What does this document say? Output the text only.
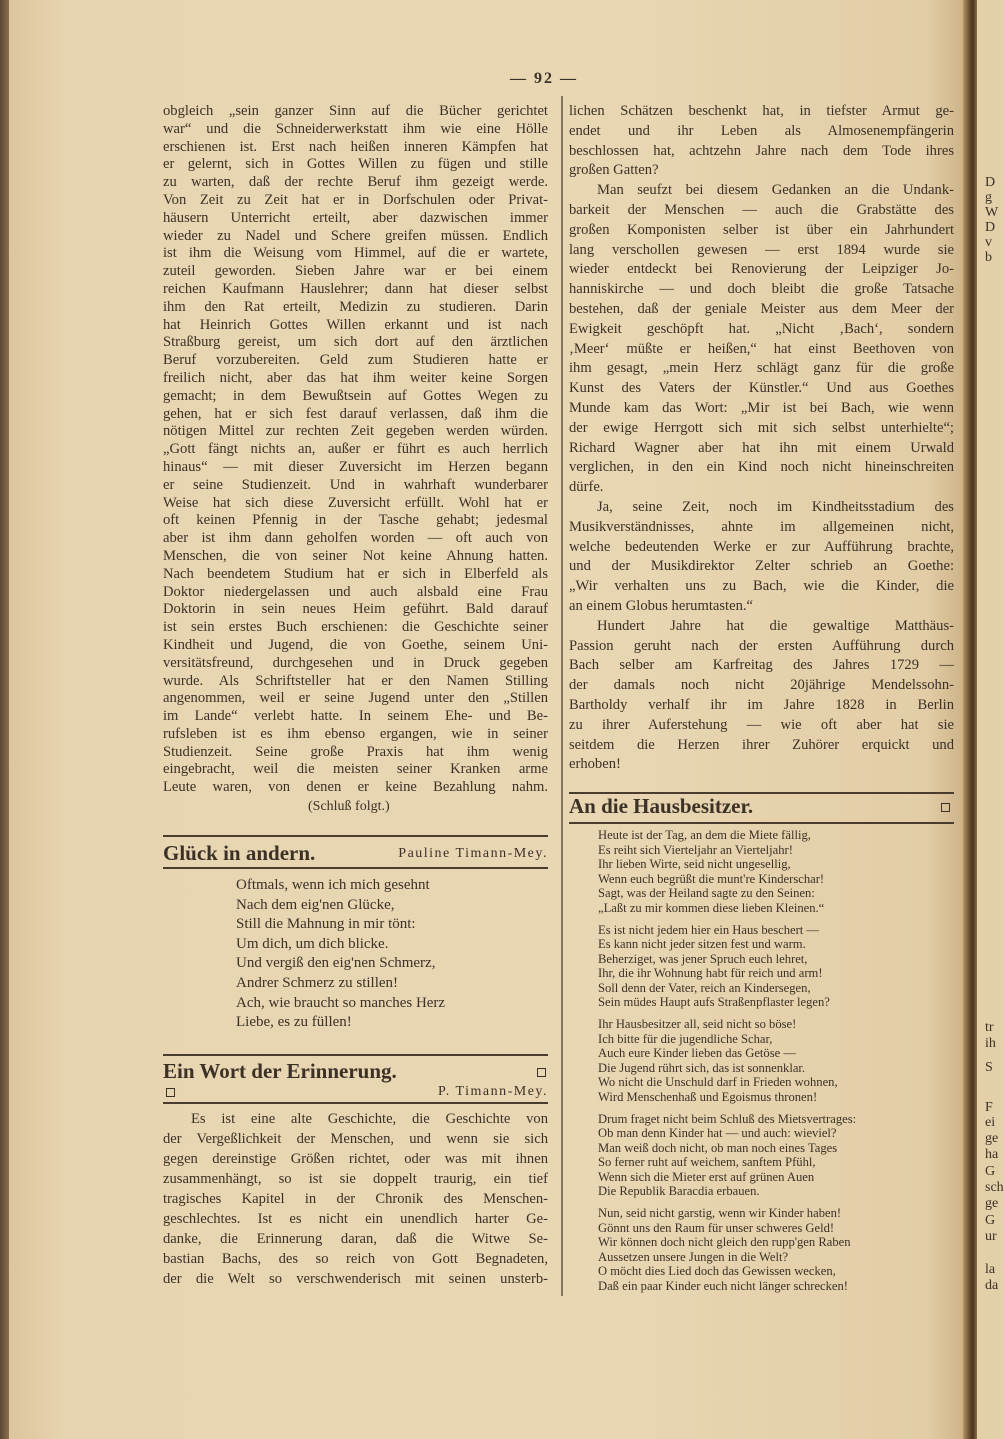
D
g
W
D
v
b
tr
ih
S
F
ei
ge
ha
G
sch
ge
G
ur
la
da
— 92 —
obgleich „sein ganzer Sinn auf die Bücher gerichtet
war“ und die Schneiderwerkstatt ihm wie eine Hölle
erschienen ist. Erst nach heißen inneren Kämpfen hat
er gelernt, sich in Gottes Willen zu fügen und stille
zu warten, daß der rechte Beruf ihm gezeigt werde.
Von Zeit zu Zeit hat er in Dorfschulen oder Privat-
häusern Unterricht erteilt, aber dazwischen immer
wieder zu Nadel und Schere greifen müssen. Endlich
ist ihm die Weisung vom Himmel, auf die er wartete,
zuteil geworden. Sieben Jahre war er bei einem
reichen Kaufmann Hauslehrer; dann hat dieser selbst
ihm den Rat erteilt, Medizin zu studieren. Darin
hat Heinrich Gottes Willen erkannt und ist nach
Straßburg gereist, um sich dort auf den ärztlichen
Beruf vorzubereiten. Geld zum Studieren hatte er
freilich nicht, aber das hat ihm weiter keine Sorgen
gemacht; in dem Bewußtsein auf Gottes Wegen zu
gehen, hat er sich fest darauf verlassen, daß ihm die
nötigen Mittel zur rechten Zeit gegeben werden würden.
„Gott fängt nichts an, außer er führt es auch herrlich
hinaus“ — mit dieser Zuversicht im Herzen begann
er seine Studienzeit. Und in wahrhaft wunderbarer
Weise hat sich diese Zuversicht erfüllt. Wohl hat er
oft keinen Pfennig in der Tasche gehabt; jedesmal
aber ist ihm dann geholfen worden — oft auch von
Menschen, die von seiner Not keine Ahnung hatten.
Nach beendetem Studium hat er sich in Elberfeld als
Doktor niedergelassen und auch alsbald eine Frau
Doktorin in sein neues Heim geführt. Bald darauf
ist sein erstes Buch erschienen: die Geschichte seiner
Kindheit und Jugend, die von Goethe, seinem Uni-
versitätsfreund, durchgesehen und in Druck gegeben
wurde. Als Schriftsteller hat er den Namen Stilling
angenommen, weil er seine Jugend unter den „Stillen
im Lande“ verlebt hatte. In seinem Ehe- und Be-
rufsleben ist es ihm ebenso ergangen, wie in seiner
Studienzeit. Seine große Praxis hat ihm wenig
eingebracht, weil die meisten seiner Kranken arme
Leute waren, von denen er keine Bezahlung nahm.
(Schluß folgt.)
Glück in andern.	Pauline Timann-Mey.
Oftmals, wenn ich mich gesehnt
Nach dem eig'nen Glücke,
Still die Mahnung in mir tönt:
Um dich, um dich blicke.
Und vergiß den eig'nen Schmerz,
Andrer Schmerz zu stillen!
Ach, wie braucht so manches Herz
Liebe, es zu füllen!
Ein Wort der Erinnerung.
P. Timann-Mey.
Es ist eine alte Geschichte, die Geschichte von
der Vergeßlichkeit der Menschen, und wenn sie sich
gegen dereinstige Größen richtet, oder was mit ihnen
zusammenhängt, so ist sie doppelt traurig, ein tief
tragisches Kapitel in der Chronik des Menschen-
geschlechtes. Ist es nicht ein unendlich harter Ge-
danke, die Erinnerung daran, daß die Witwe Se-
bastian Bachs, des so reich von Gott Begnadeten,
der die Welt so verschwenderisch mit seinen unsterb-
lichen Schätzen beschenkt hat, in tiefster Armut ge-
endet und ihr Leben als Almosenempfängerin
beschlossen hat, achtzehn Jahre nach dem Tode ihres
großen Gatten?
Man seufzt bei diesem Gedanken an die Undank-
barkeit der Menschen — auch die Grabstätte des
großen Komponisten selber ist über ein Jahrhundert
lang verschollen gewesen — erst 1894 wurde sie
wieder entdeckt bei Renovierung der Leipziger Jo-
hanniskirche — und doch bleibt die große Tatsache
bestehen, daß der geniale Meister aus dem Meer der
Ewigkeit geschöpft hat. „Nicht ‚Bach‘, sondern
‚Meer‘ müßte er heißen,“ hat einst Beethoven von
ihm gesagt, „mein Herz schlägt ganz für die große
Kunst des Vaters der Künstler.“ Und aus Goethes
Munde kam das Wort: „Mir ist bei Bach, wie wenn
der ewige Herrgott sich mit sich selbst unterhielte“;
Richard Wagner aber hat ihn mit einem Urwald
verglichen, in den ein Kind noch nicht hineinschreiten
dürfe.
Ja, seine Zeit, noch im Kindheitsstadium des
Musikverständnisses, ahnte im allgemeinen nicht,
welche bedeutenden Werke er zur Aufführung brachte,
und der Musikdirektor Zelter schrieb an Goethe:
„Wir verhalten uns zu Bach, wie die Kinder, die
an einem Globus herumtasten.“
Hundert Jahre hat die gewaltige Matthäus-
Passion geruht nach der ersten Aufführung durch
Bach selber am Karfreitag des Jahres 1729 —
der damals noch nicht 20jährige Mendelssohn-
Bartholdy verhalf ihr im Jahre 1828 in Berlin
zu ihrer Auferstehung — wie oft aber hat sie
seitdem die Herzen ihrer Zuhörer erquickt und
erhoben!
An die Hausbesitzer.
Heute ist der Tag, an dem die Miete fällig,
Es reiht sich Vierteljahr an Vierteljahr!
Ihr lieben Wirte, seid nicht ungesellig,
Wenn euch begrüßt die munt're Kinderschar!
Sagt, was der Heiland sagte zu den Seinen:
„Laßt zu mir kommen diese lieben Kleinen.“
Es ist nicht jedem hier ein Haus beschert —
Es kann nicht jeder sitzen fest und warm.
Beherziget, was jener Spruch euch lehret,
Ihr, die ihr Wohnung habt für reich und arm!
Soll denn der Vater, reich an Kindersegen,
Sein müdes Haupt aufs Straßenpflaster legen?
Ihr Hausbesitzer all, seid nicht so böse!
Ich bitte für die jugendliche Schar,
Auch eure Kinder lieben das Getöse —
Die Jugend rührt sich, das ist sonnenklar.
Wo nicht die Unschuld darf in Frieden wohnen,
Wird Menschenhaß und Egoismus thronen!
Drum fraget nicht beim Schluß des Mietsvertrages:
Ob man denn Kinder hat — und auch: wieviel?
Man weiß doch nicht, ob man noch eines Tages
So ferner ruht auf weichem, sanftem Pfühl,
Wenn sich die Mieter erst auf grünen Auen
Die Republik Baracdia erbauen.
Nun, seid nicht garstig, wenn wir Kinder haben!
Gönnt uns den Raum für unser schweres Geld!
Wir können doch nicht gleich den rupp'gen Raben
Aussetzen unsere Jungen in die Welt?
O möcht dies Lied doch das Gewissen wecken,
Daß ein paar Kinder euch nicht länger schrecken!
